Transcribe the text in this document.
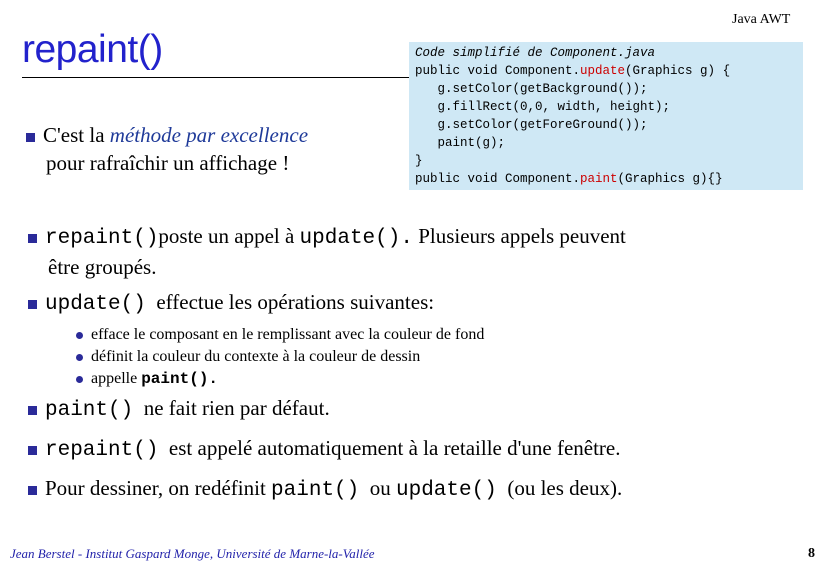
Java AWT
repaint()
C'est la méthode par excellence
pour rafraîchir un affichage !
Code simplifié de Component.java
public void Component.update(Graphics g) {
g.setColor(getBackground());
g.fillRect(0,0, width, height);
g.setColor(getForeGround());
paint(g);
}
public void Component.paint(Graphics g){}
repaint()poste un appel à update(). Plusieurs appels peuvent
être groupés.
update() effectue les opérations suivantes:
efface le composant en le remplissant avec la couleur de fond
définit la couleur du contexte à la couleur de dessin
appelle paint().
paint() ne fait rien par défaut.
repaint() est appelé automatiquement à la retaille d'une fenêtre.
Pour dessiner, on redéfinit paint() ou update() (ou les deux).
Jean Berstel - Institut Gaspard Monge, Université de Marne-la-Vallée	8
